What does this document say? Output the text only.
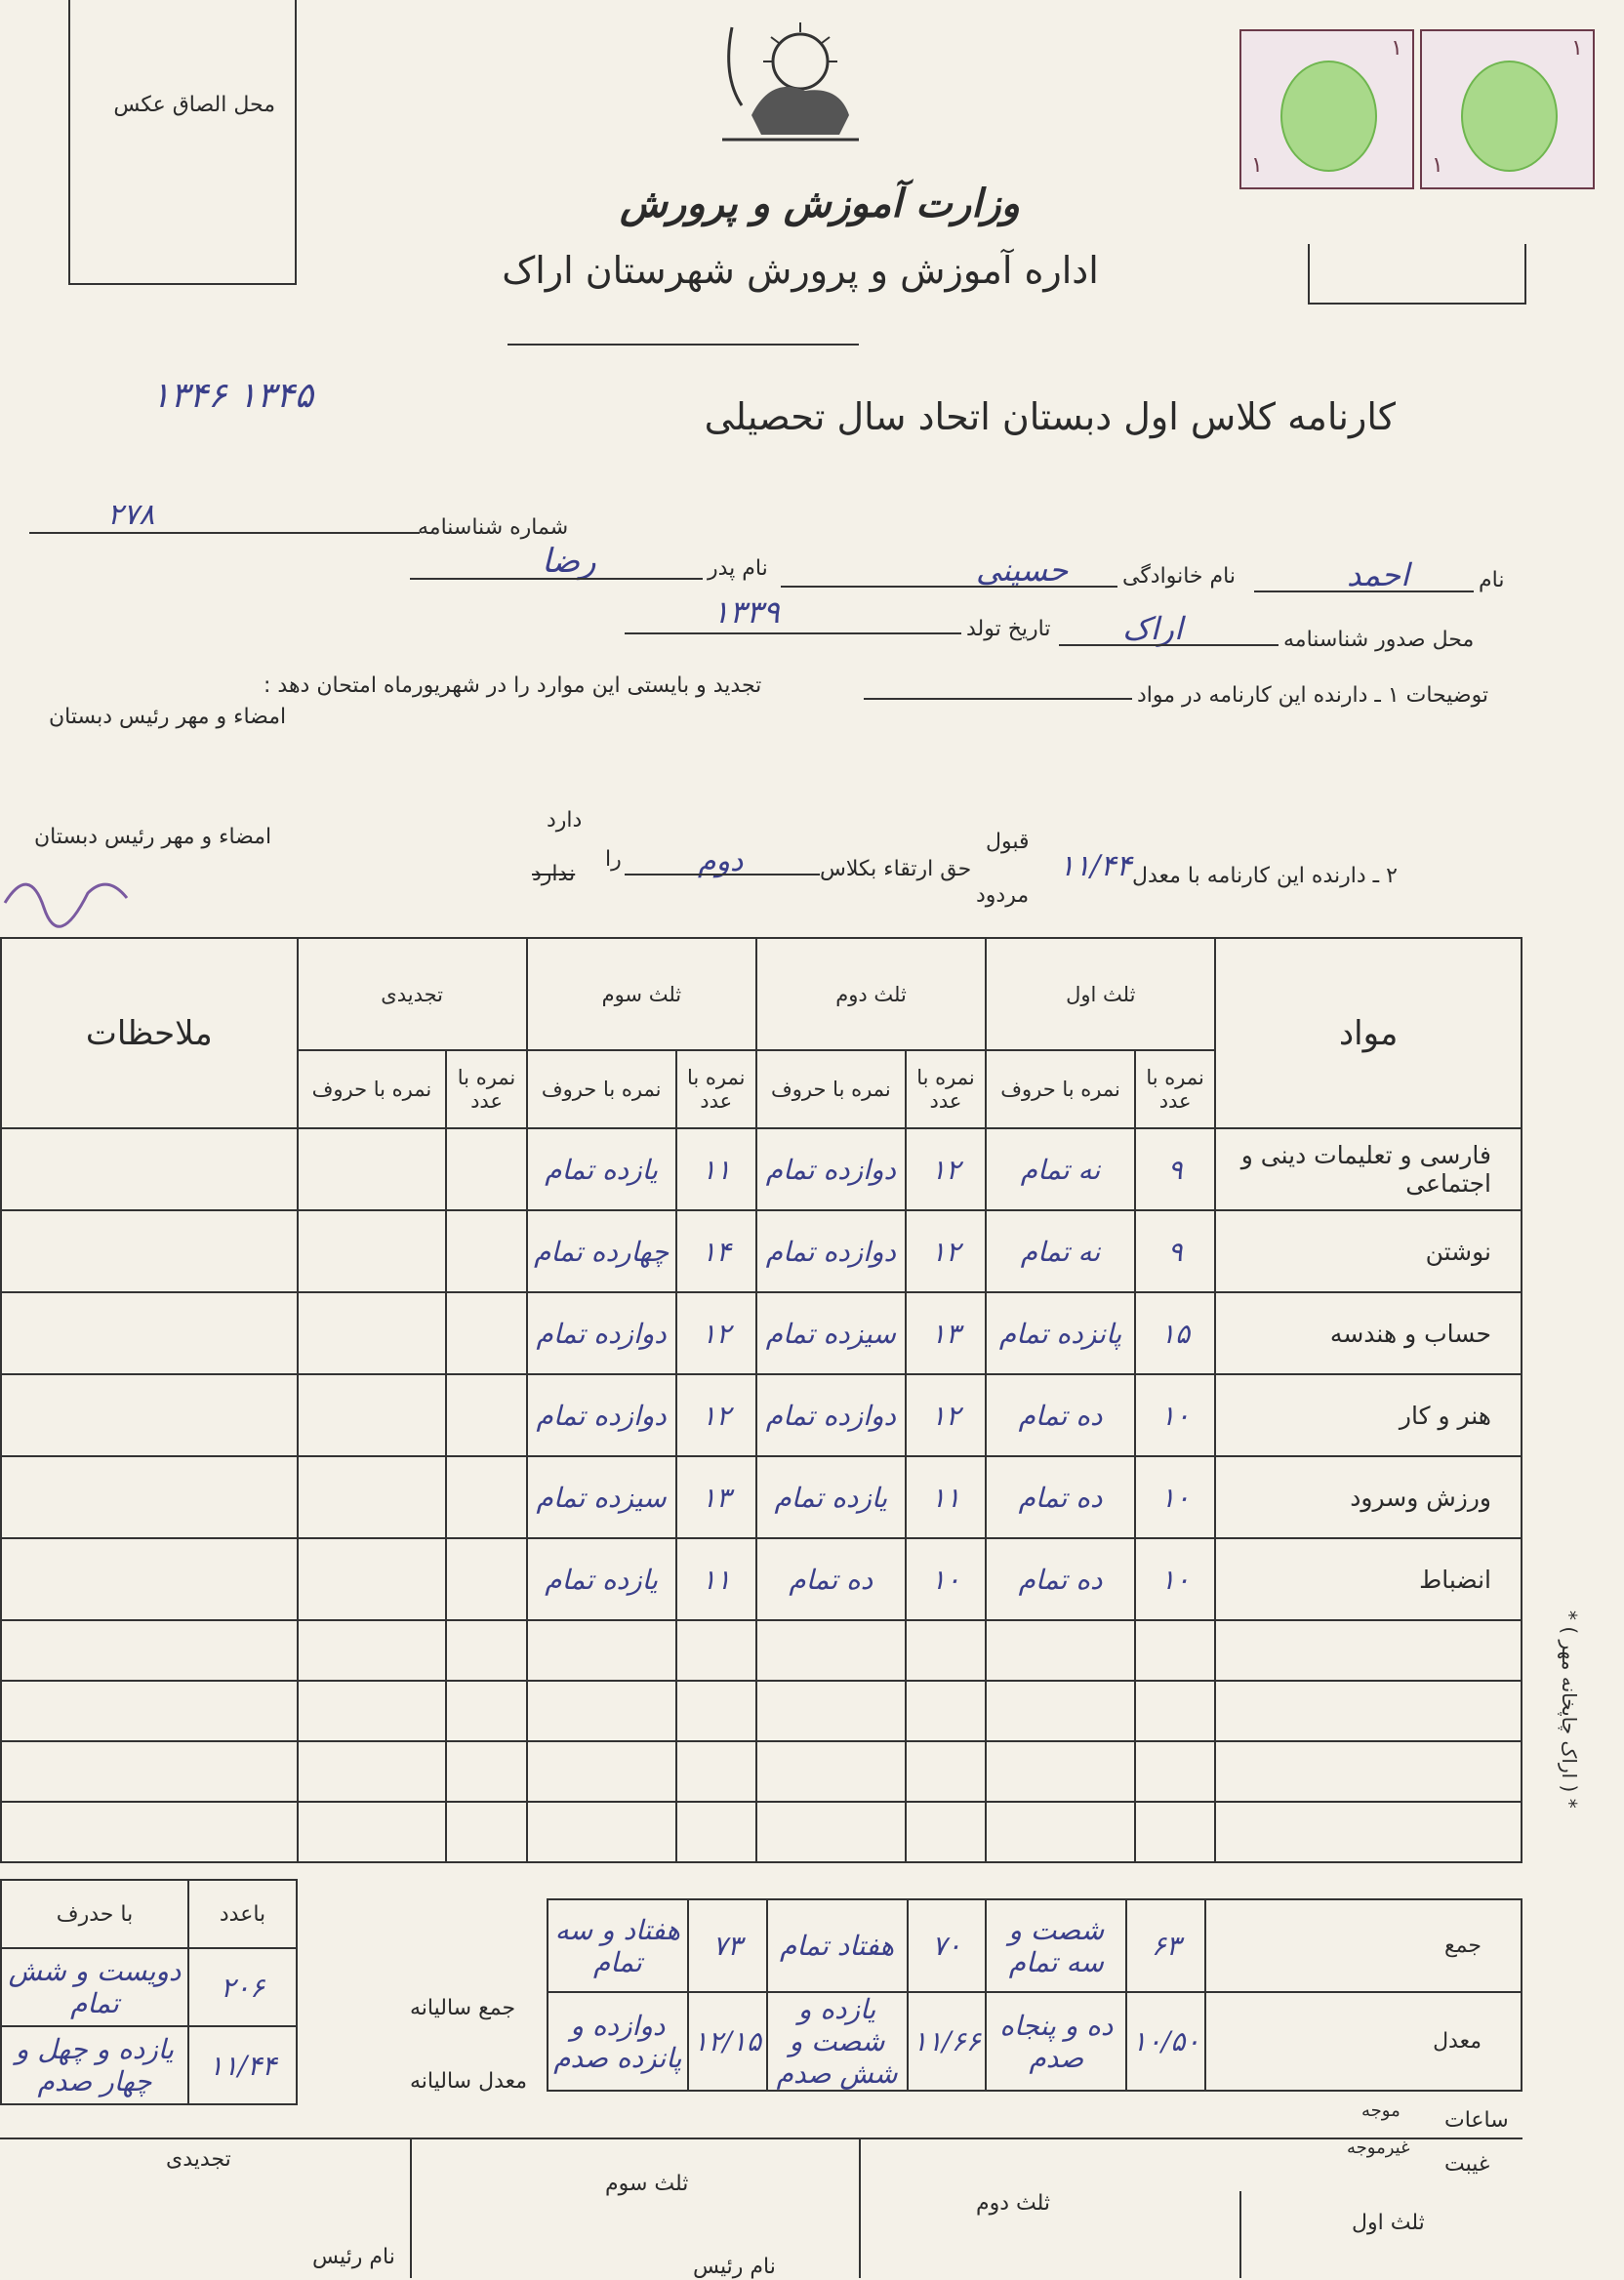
محل الصاق عکس
۱
۱
۱
۱
وزارت آموزش و پرورش
اداره آموزش و پرورش شهرستان اراک
۱۳۴۶ ۱۳۴۵	کارنامه کلاس اول دبستان اتحاد سال تحصیلی
۲۷۸	شماره شناسنامه
نام
احمد
نام خانوادگی
حسینی
نام پدر
رضا
محل صدور شناسنامه
اراک
تاریخ تولد
۱۳۳۹
توضیحات ۱ ـ دارنده این کارنامه در مواد
تجدید و بایستی این موارد را در شهریورماه امتحان دهد :
امضاء و مهر رئیس دبستان
امضاء و مهر رئیس دبستان
۲ ـ دارنده این کارنامه با معدل
۱۱/۴۴
قبول
مردود
حق ارتقاء بکلاس
دوم
دارد
ندارد
را
ملاحظات	تجدیدی		ثلث سوم		ثلث دوم		ثلث اول		مواد
	نمره با حروف	نمره با عدد	نمره با حروف	نمره با عدد	نمره با حروف	نمره با عدد	نمره با حروف	نمره با عدد	
			یازده تمام	۱۱	دوازده تمام	۱۲	نه تمام	۹	فارسی و تعلیمات دینی و اجتماعی
			چهارده تمام	۱۴	دوازده تمام	۱۲	نه تمام	۹	نوشتن
			دوازده تمام	۱۲	سیزده تمام	۱۳	پانزده تمام	۱۵	حساب و هندسه
			دوازده تمام	۱۲	دوازده تمام	۱۲	ده تمام	۱۰	هنر و کار
			سیزده تمام	۱۳	یازده تمام	۱۱	ده تمام	۱۰	ورزش وسرود
			یازده تمام	۱۱	ده تمام	۱۰	ده تمام	۱۰	انضباط

هفتاد و سه تمام	۷۳	هفتاد تمام	۷۰	شصت و سه تمام	۶۳	جمع
دوازده و پانزده صدم	۱۲/۱۵	یازده و شصت و شش صدم	۱۱/۶۶	ده و پنجاه صدم	۱۰/۵۰	معدل
ساعات
غیبت
موجه
غیرموجه
جمع سالیانه
معدل سالیانه
با حدرف	باعدد
دویست و شش تمام	۲۰۶
یازده و چهل و چهار صدم	۱۱/۴۴
تجدیدی
ثلث سوم
ثلث دوم
ثلث اول
نام رئیس	نام رئیس
* ( اراک چاپخانه مهر ) *
